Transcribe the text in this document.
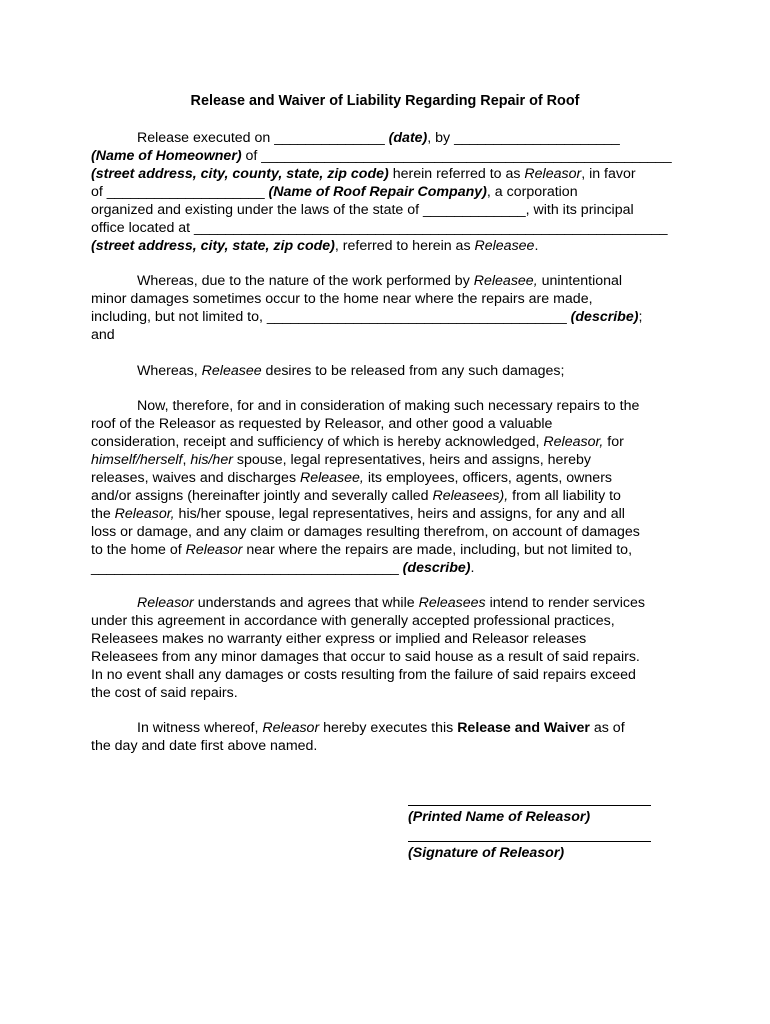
Release and Waiver of Liability Regarding Repair of Roof
Release executed on ______________ (date), by _____________________
(Name of Homeowner) of ____________________________________________________
(street address, city, county, state, zip code) herein referred to as Releasor, in favor
of ____________________ (Name of Roof Repair Company), a corporation
organized and existing under the laws of the state of _____________, with its principal
office located at ____________________________________________________________
(street address, city, state, zip code), referred to herein as Releasee.
Whereas, due to the nature of the work performed by Releasee, unintentional
minor damages sometimes occur to the home near where the repairs are made,
including, but not limited to, ______________________________________ (describe);
and
Whereas, Releasee desires to be released from any such damages;
Now, therefore, for and in consideration of making such necessary repairs to the
roof of the Releasor as requested by Releasor, and other good a valuable
consideration, receipt and sufficiency of which is hereby acknowledged, Releasor, for
himself/herself, his/her spouse, legal representatives, heirs and assigns, hereby
releases, waives and discharges Releasee, its employees, officers, agents, owners
and/or assigns (hereinafter jointly and severally called Releasees), from all liability to
the Releasor, his/her spouse, legal representatives, heirs and assigns, for any and all
loss or damage, and any claim or damages resulting therefrom, on account of damages
to the home of Releasor near where the repairs are made, including, but not limited to,
_______________________________________ (describe).
Releasor understands and agrees that while Releasees intend to render services
under this agreement in accordance with generally accepted professional practices,
Releasees makes no warranty either express or implied and Releasor releases
Releasees from any minor damages that occur to said house as a result of said repairs.
In no event shall any damages or costs resulting from the failure of said repairs exceed
the cost of said repairs.
In witness whereof, Releasor hereby executes this Release and Waiver as of
the day and date first above named.
(Printed Name of Releasor)
(Signature of Releasor)
